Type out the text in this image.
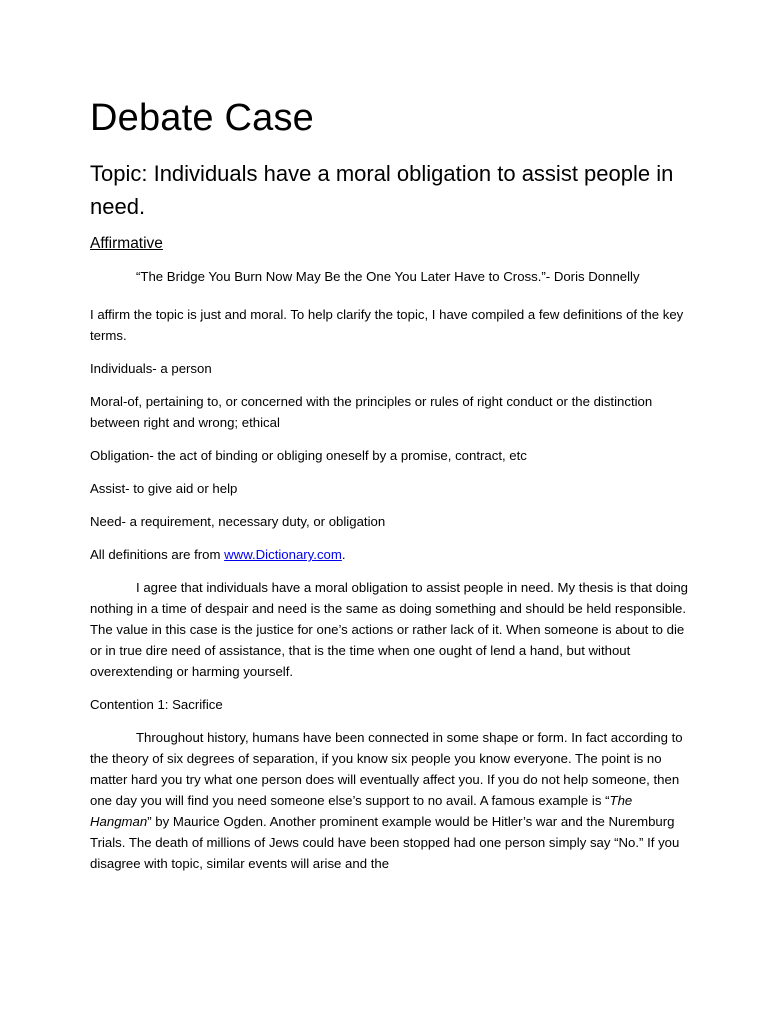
Debate Case
Topic: Individuals have a moral obligation to assist people in need.
Affirmative

“The Bridge You Burn Now May Be the One You Later Have to Cross.”- Doris Donnelly

I affirm the topic is just and moral. To help clarify the topic, I have compiled a few definitions of the key terms.

Individuals- a person

Moral-of, pertaining to, or concerned with the principles or rules of right conduct or the distinction between right and wrong; ethical

Obligation- the act of binding or obliging oneself by a promise, contract, etc

Assist- to give aid or help

Need- a requirement, necessary duty, or obligation

All definitions are from www.Dictionary.com.

I agree that individuals have a moral obligation to assist people in need. My thesis is that doing nothing in a time of despair and need is the same as doing something and should be held responsible. The value in this case is the justice for one’s actions or rather lack of it. When someone is about to die or in true dire need of assistance, that is the time when one ought of lend a hand, but without overextending or harming yourself.

Contention 1: Sacrifice

Throughout history, humans have been connected in some shape or form. In fact according to the theory of six degrees of separation, if you know six people you know everyone. The point is no matter hard you try what one person does will eventually affect you. If you do not help someone, then one day you will find you need someone else’s support to no avail. A famous example is “The Hangman” by Maurice Ogden. Another prominent example would be Hitler’s war and the Nuremburg Trials. The death of millions of Jews could have been stopped had one person simply say “No.” If you disagree with topic, similar events will arise and the
